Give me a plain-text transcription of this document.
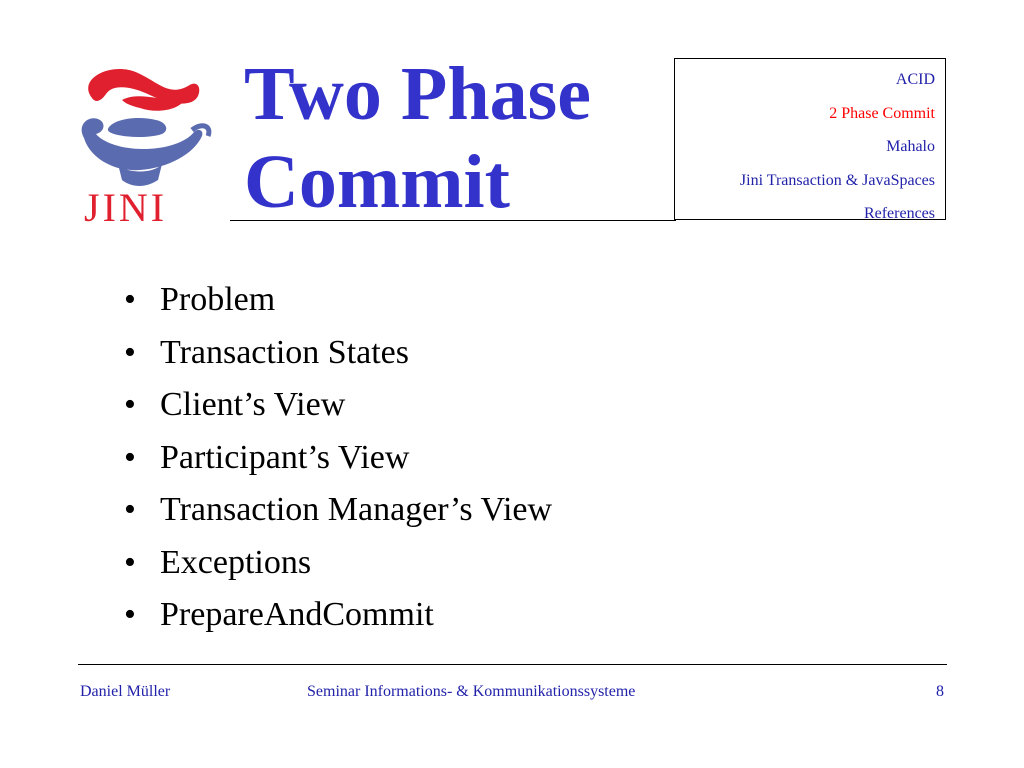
JINI
Two Phase
Commit
ACID
2 Phase Commit
Mahalo
Jini Transaction & JavaSpaces
References
• Problem
• Transaction States
• Client’s View
• Participant’s View
• Transaction Manager’s View
• Exceptions
• PrepareAndCommit
Daniel Müller	Seminar Informations- & Kommunikationssysteme	8
